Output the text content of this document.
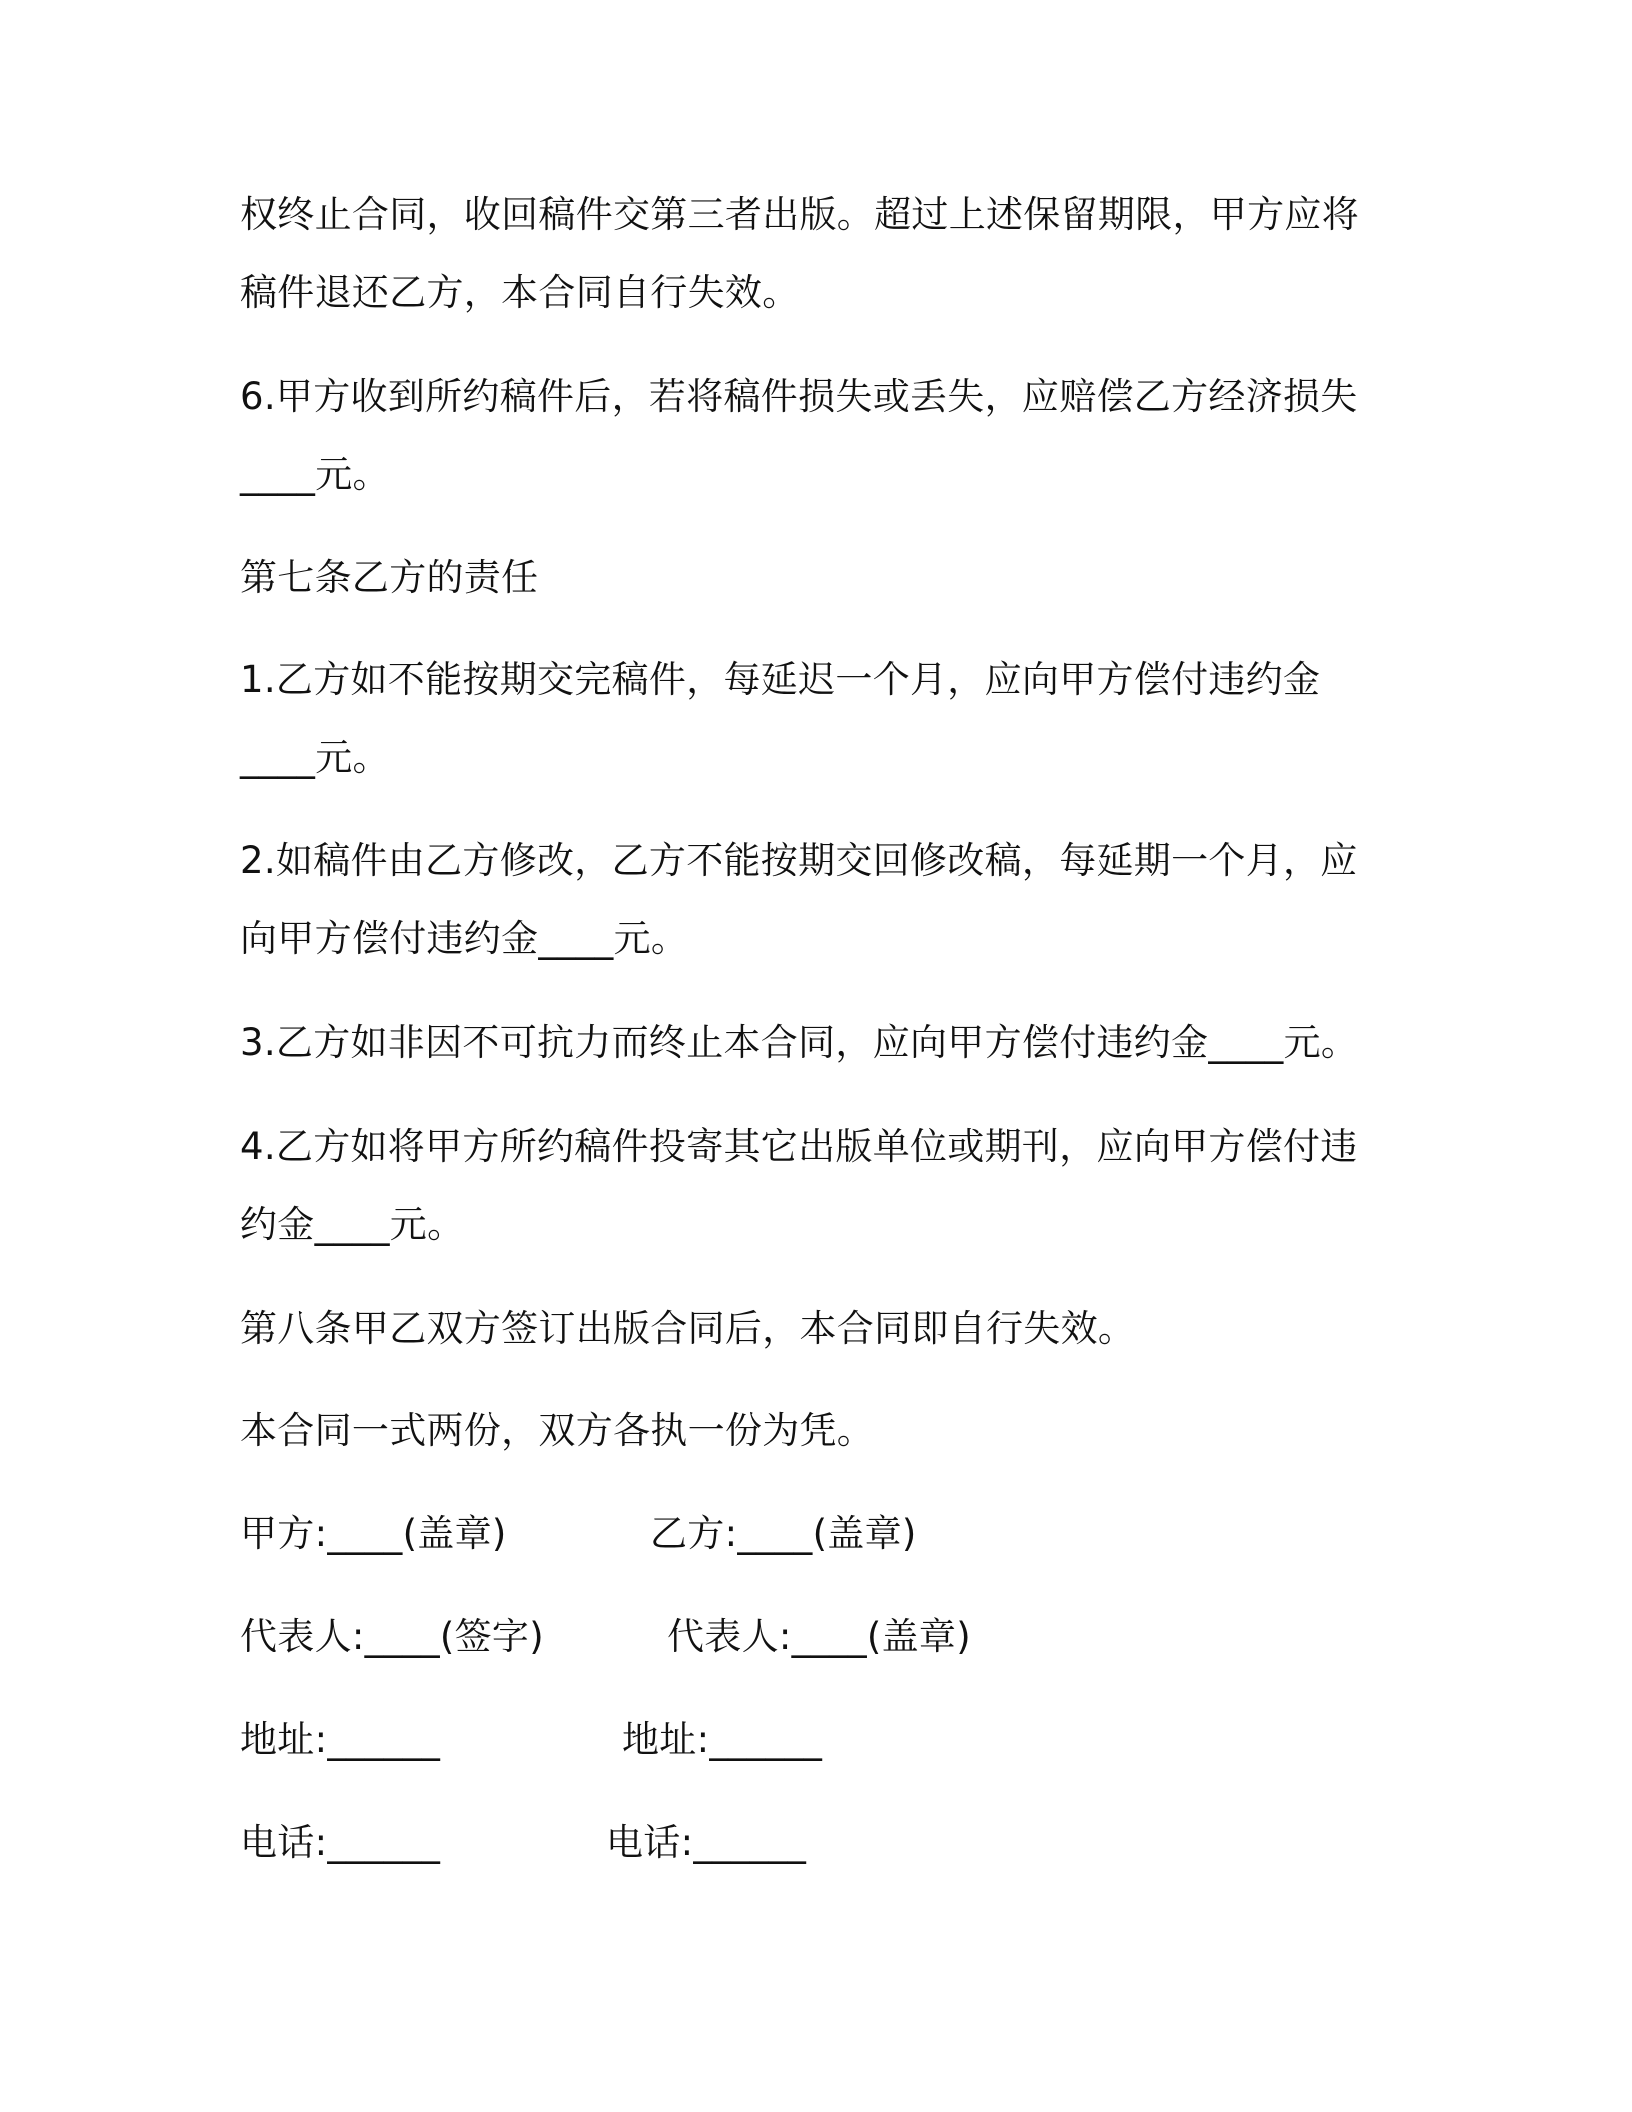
权终止合同，收回稿件交第三者出版。超过上述保留期限，甲方应将
稿件退还乙方，本合同自行失效。
6.甲方收到所约稿件后，若将稿件损失或丢失，应赔偿乙方经济损失
____元。
第七条乙方的责任
1.乙方如不能按期交完稿件，每延迟一个月，应向甲方偿付违约金
____元。
2.如稿件由乙方修改，乙方不能按期交回修改稿，每延期一个月，应
向甲方偿付违约金____元。
3.乙方如非因不可抗力而终止本合同，应向甲方偿付违约金____元。
4.乙方如将甲方所约稿件投寄其它出版单位或期刊，应向甲方偿付违
约金____元。
第八条甲乙双方签订出版合同后，本合同即自行失效。
本合同一式两份，双方各执一份为凭。
甲方:____(盖章)	乙方:____(盖章)
代表人:____(签字)	代表人:____(盖章)
地址:______	地址:______
电话:______	电话:______
